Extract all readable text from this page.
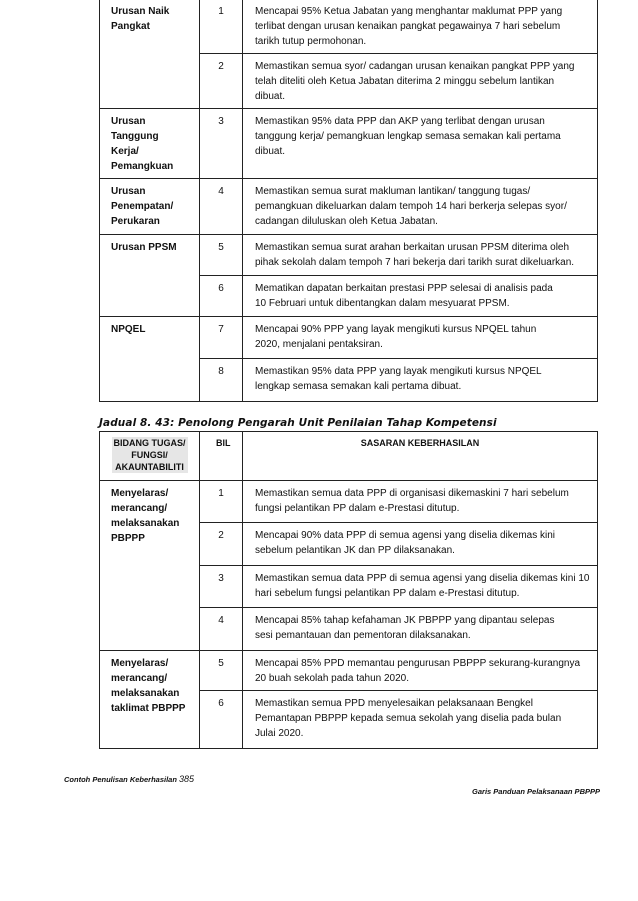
Urusan Naik
Pangkat	1	Mencapai 95% Ketua Jabatan yang menghantar maklumat PPP yang
terlibat dengan urusan kenaikan pangkat pegawainya 7 hari sebelum
tarikh tutup permohonan.
	2	Memastikan semua syor/ cadangan urusan kenaikan pangkat PPP yang
telah diteliti oleh Ketua Jabatan diterima 2 minggu sebelum lantikan
dibuat.
Urusan Tanggung
Kerja/ Pemangkuan	3	Memastikan 95% data PPP dan AKP yang terlibat dengan urusan
tanggung kerja/ pemangkuan lengkap semasa semakan kali pertama
dibuat.
Urusan
Penempatan/
Perukaran	4	Memastikan semua surat makluman lantikan/ tanggung tugas/
pemangkuan dikeluarkan dalam tempoh 14 hari berkerja selepas syor/
cadangan diluluskan oleh Ketua Jabatan.
Urusan PPSM	5	Memastikan semua surat arahan berkaitan urusan PPSM diterima oleh
pihak sekolah dalam tempoh 7 hari bekerja dari tarikh surat dikeluarkan.
	6	Mematikan dapatan berkaitan prestasi PPP selesai di analisis pada
10 Februari untuk dibentangkan dalam mesyuarat PPSM.
NPQEL	7	Mencapai 90% PPP yang layak mengikuti kursus NPQEL tahun
2020, menjalani pentaksiran.
	8	Memastikan 95% data PPP yang layak mengikuti kursus NPQEL
lengkap semasa semakan kali pertama dibuat.

Jadual 8. 43: Penolong Pengarah Unit Penilaian Tahap Kompetensi

BIDANG TUGAS/
FUNGSI/
AKAUNTABILITI	BIL	SASARAN KEBERHASILAN
Menyelaras/
merancang/
melaksanakan PBPPP	1	Memastikan semua data PPP di organisasi dikemaskini 7 hari sebelum
fungsi pelantikan PP dalam e-Prestasi ditutup.
	2	Mencapai 90% data PPP di semua agensi yang diselia dikemas kini
sebelum pelantikan JK dan PP dilaksanakan.
	3	Memastikan semua data PPP di semua agensi yang diselia dikemas kini 10
hari sebelum fungsi pelantikan PP dalam e-Prestasi ditutup.
	4	Mencapai 85% tahap kefahaman JK PBPPP yang dipantau selepas
sesi pemantauan dan pementoran dilaksanakan.
Menyelaras/
merancang/
melaksanakan
taklimat PBPPP	5	Mencapai 85% PPD memantau pengurusan PBPPP sekurang-kurangnya
20 buah sekolah pada tahun 2020.
	6	Memastikan semua PPD menyelesaikan pelaksanaan Bengkel
Pemantapan PBPPP kepada semua sekolah yang diselia pada bulan
Julai 2020.
Contoh Penulisan Keberhasilan 385
Garis Panduan Pelaksanaan PBPPP
